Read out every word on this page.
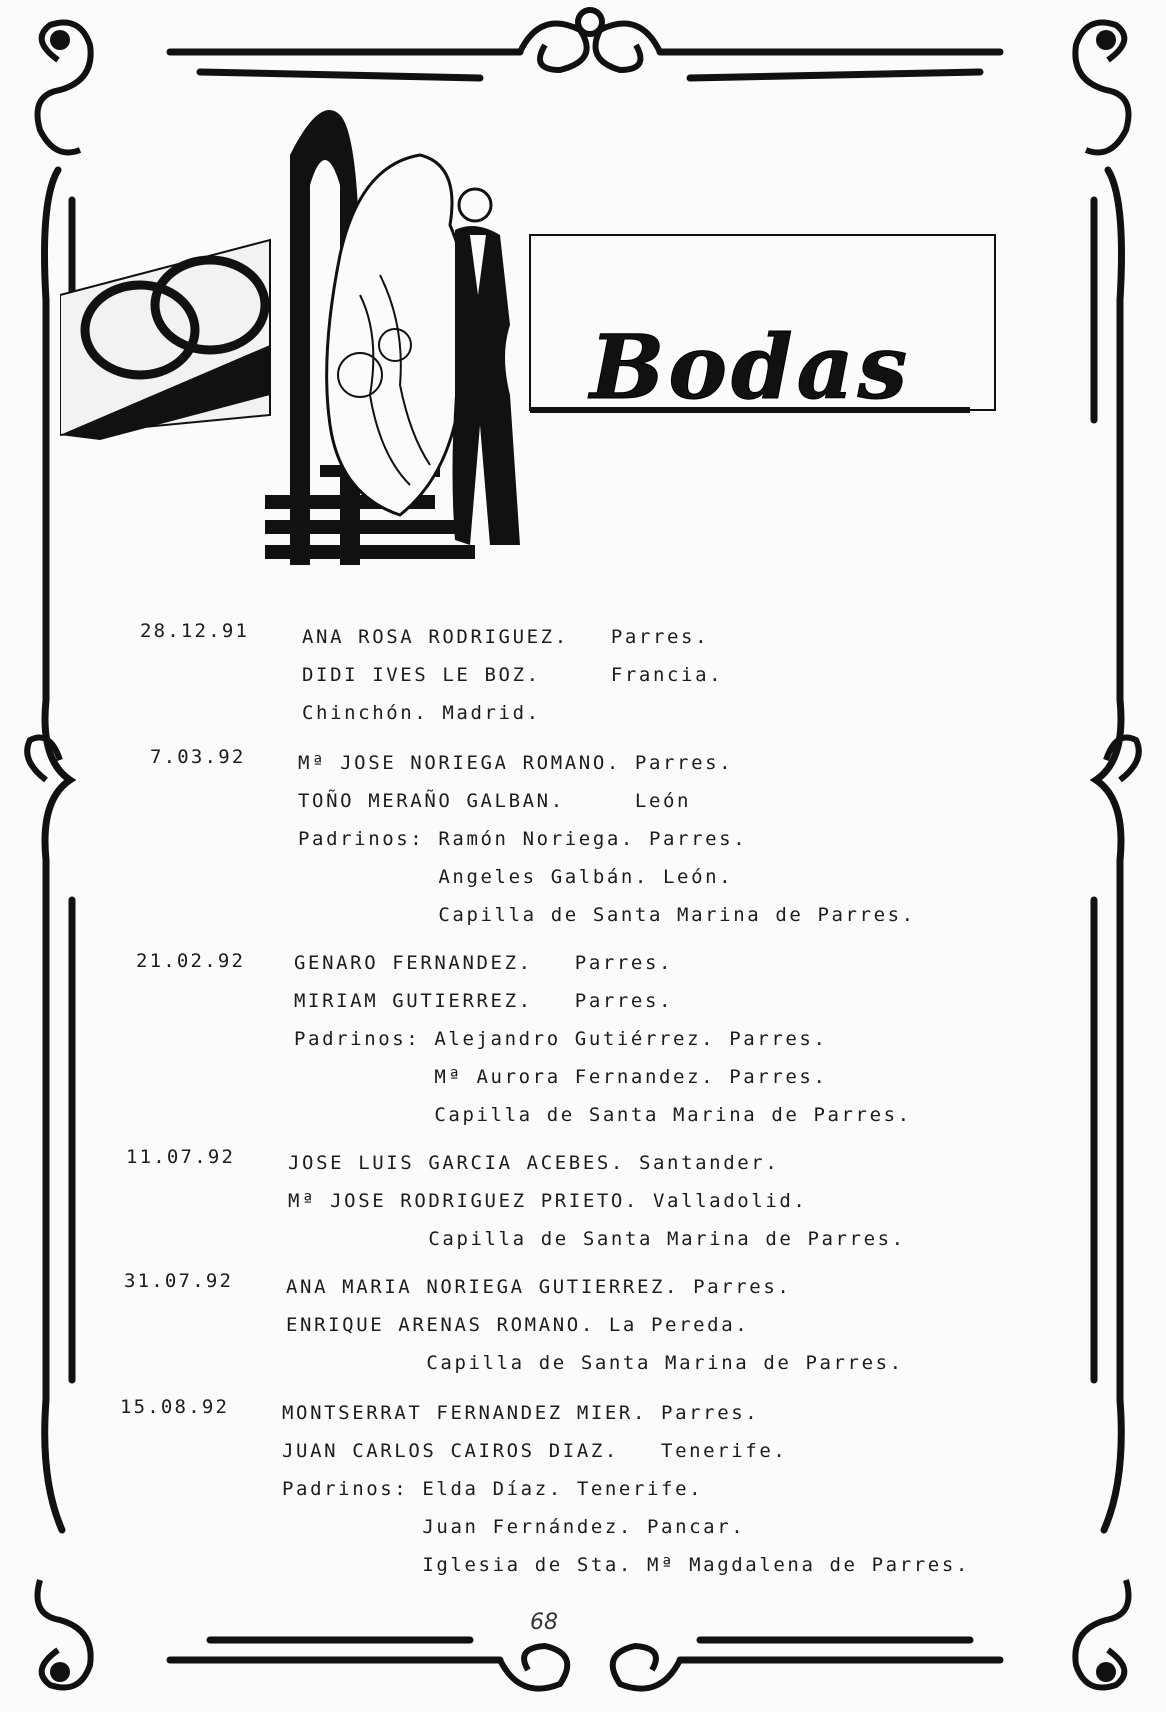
Bodas
28.12.91	ANA ROSA RODRIGUEZ.   Parres.
DIDI IVES LE BOZ.     Francia.
Chinchón. Madrid.
7.03.92	Mª JOSE NORIEGA ROMANO. Parres.
TOÑO MERAÑO GALBAN.     León
Padrinos: Ramón Noriega. Parres.
Angeles Galbán. León.
Capilla de Santa Marina de Parres.
21.02.92	GENARO FERNANDEZ.   Parres.
MIRIAM GUTIERREZ.   Parres.
Padrinos: Alejandro Gutiérrez. Parres.
Mª Aurora Fernandez. Parres.
Capilla de Santa Marina de Parres.
11.07.92	JOSE LUIS GARCIA ACEBES. Santander.
Mª JOSE RODRIGUEZ PRIETO. Valladolid.
Capilla de Santa Marina de Parres.
31.07.92	ANA MARIA NORIEGA GUTIERREZ. Parres.
ENRIQUE ARENAS ROMANO. La Pereda.
Capilla de Santa Marina de Parres.
15.08.92	MONTSERRAT FERNANDEZ MIER. Parres.
JUAN CARLOS CAIROS DIAZ.   Tenerife.
Padrinos: Elda Díaz. Tenerife.
Juan Fernández. Pancar.
Iglesia de Sta. Mª Magdalena de Parres.
68
